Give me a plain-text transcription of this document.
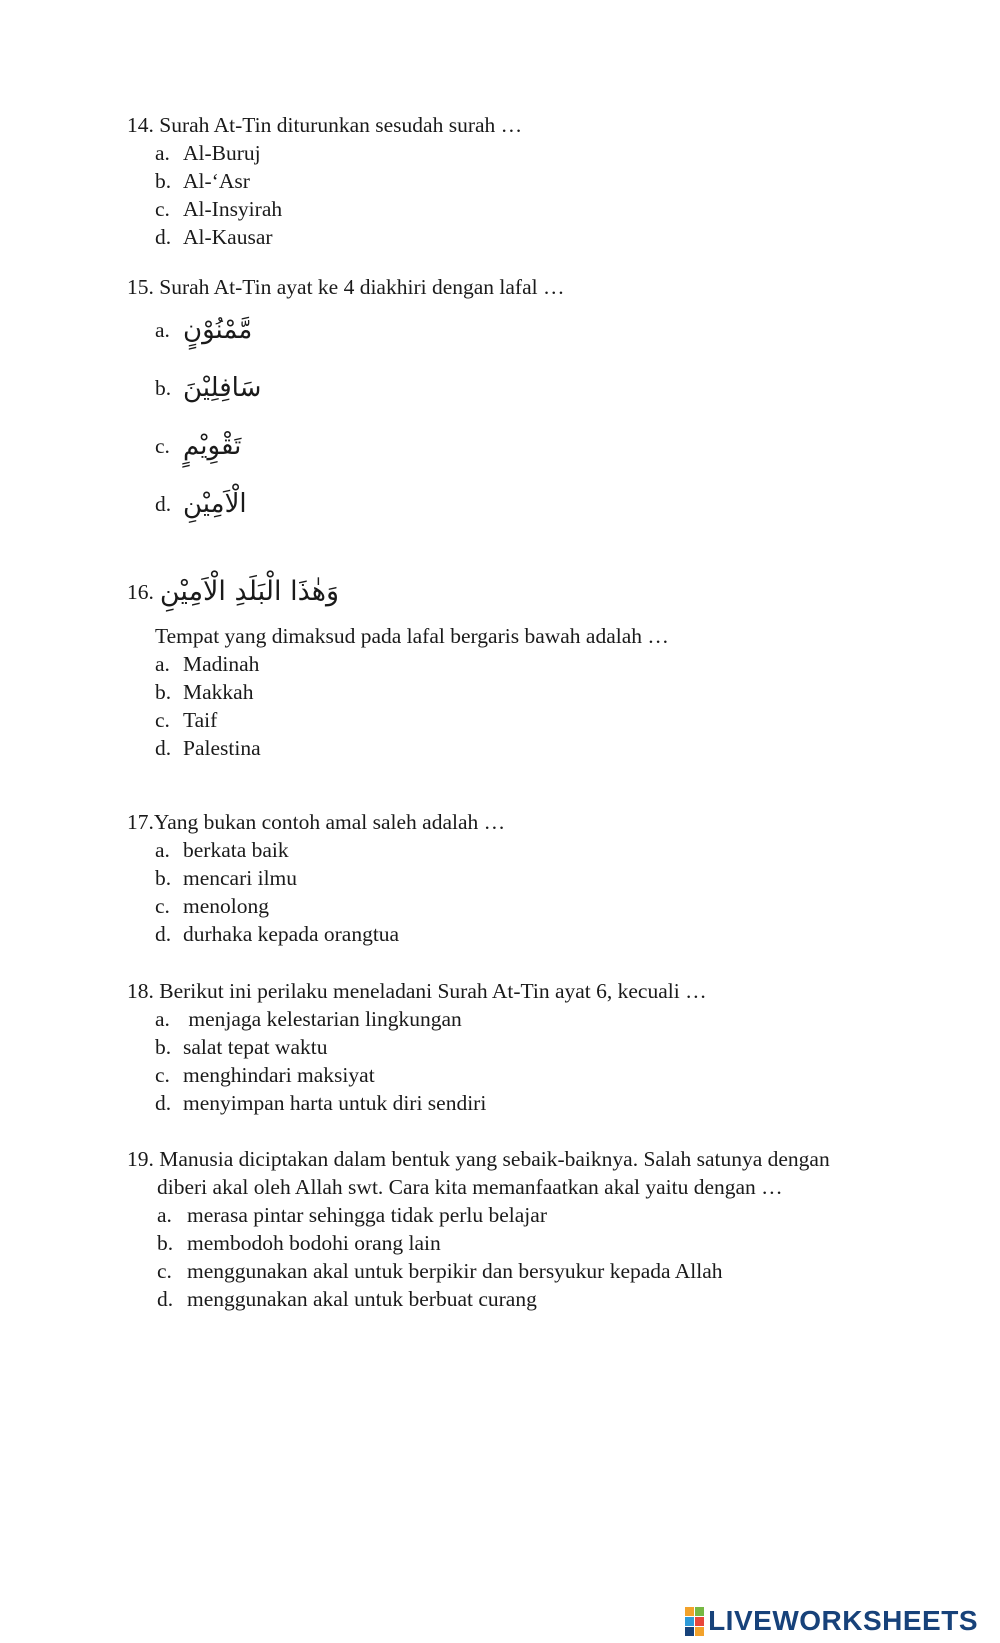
14. Surah At-Tin diturunkan sesudah surah …
a. Al-Buruj
b. Al-‘Asr
c. Al-Insyirah
d. Al-Kausar
15. Surah At-Tin ayat ke 4 diakhiri dengan lafal …
a. مَّمْنُوْنٍ
b. سَافِلِيْنَ
c. تَقْوِيْمٍ
d. الْاَمِيْنِ
16. وَهٰذَا الْبَلَدِ الْاَمِيْنِ
Tempat yang dimaksud pada lafal bergaris bawah adalah …
a. Madinah
b. Makkah
c. Taif
d. Palestina
17.Yang bukan contoh amal saleh adalah …
a. berkata baik
b. mencari ilmu
c. menolong
d. durhaka kepada orangtua
18. Berikut ini perilaku meneladani Surah At-Tin ayat 6, kecuali …
a. menjaga kelestarian lingkungan
b. salat tepat waktu
c. menghindari maksiyat
d. menyimpan harta untuk diri sendiri
19. Manusia diciptakan dalam bentuk yang sebaik-baiknya. Salah satunya dengan diberi akal oleh Allah swt. Cara kita memanfaatkan akal yaitu dengan …
a. merasa pintar sehingga tidak perlu belajar
b. membodoh bodohi orang lain
c. menggunakan akal untuk berpikir dan bersyukur kepada Allah
d. menggunakan akal untuk berbuat curang
LIVEWORKSHEETS
